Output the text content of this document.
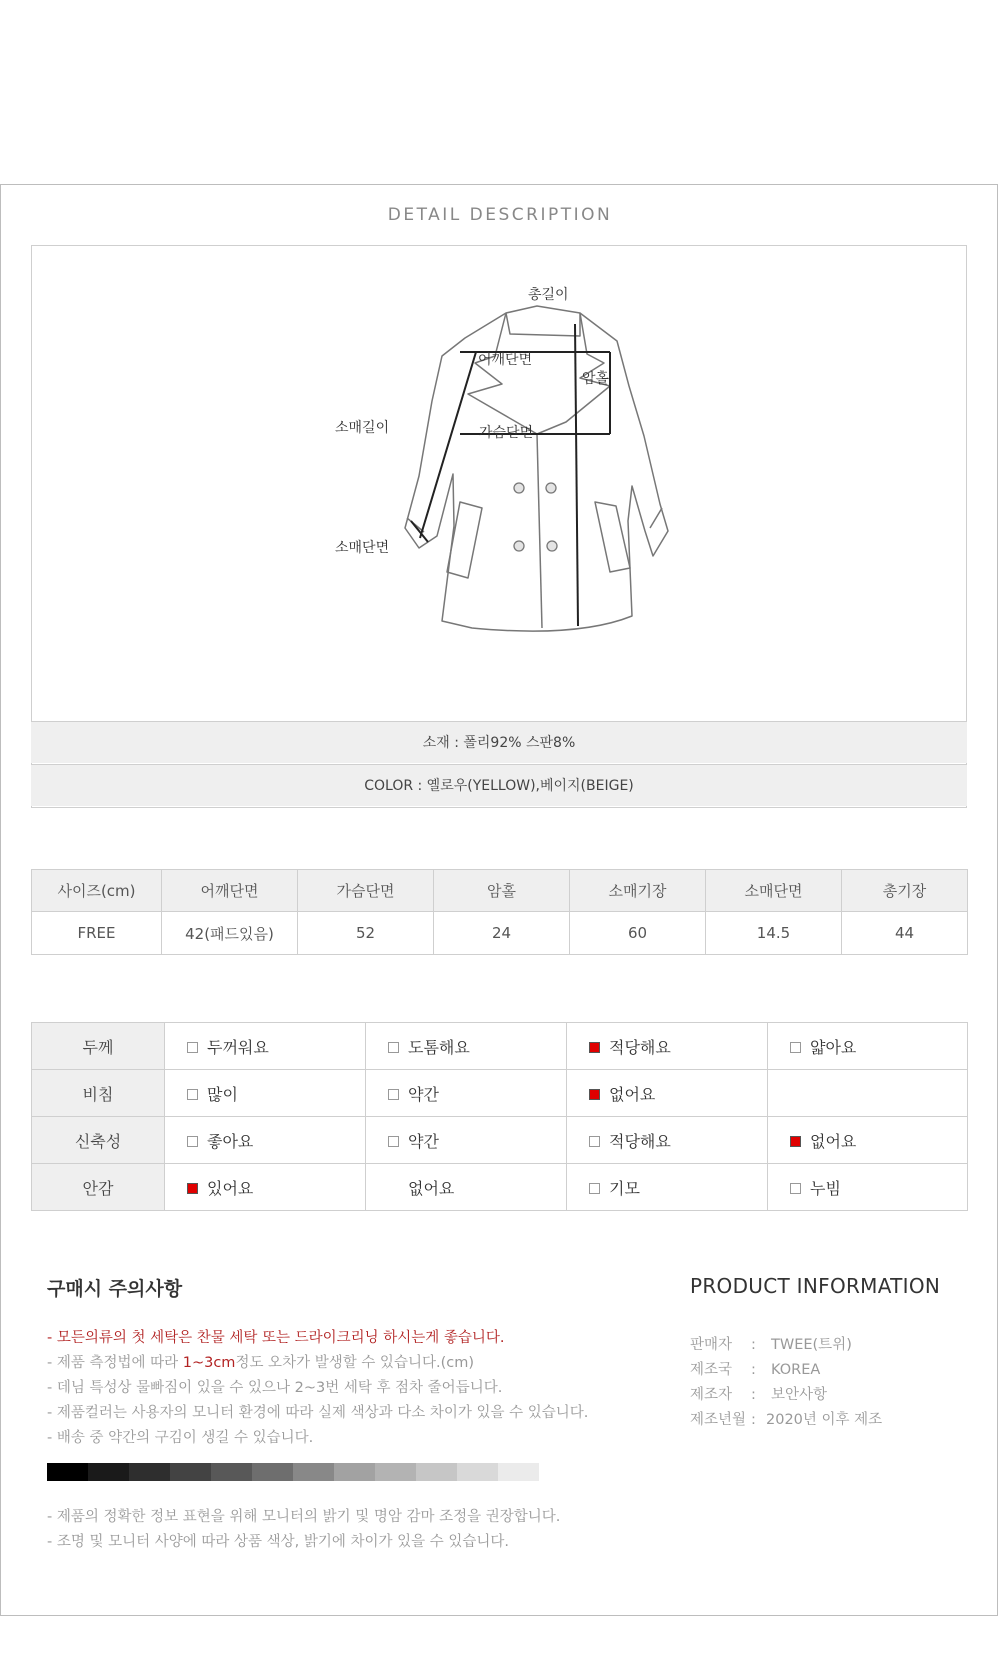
DETAIL DESCRIPTION
총길이
어깨단면
암홀
소매길이	가슴단면
소매단면
소재 : 폴리92% 스판8%
COLOR : 옐로우(YELLOW),베이지(BEIGE)
사이즈(cm)	어깨단면	가슴단면	암홀	소매기장	소매단면	총기장
FREE	42(패드있음)	52	24	60	14.5	44
두께	두꺼워요	도톰해요	적당해요	얇아요
비침	많이	약간	없어요	
신축성	좋아요	약간	적당해요	없어요
안감	있어요	없어요	기모	누빔
구매시 주의사항
- 모든의류의 첫 세탁은 찬물 세탁 또는 드라이크리닝 하시는게 좋습니다.
- 제품 측정법에 따라 1~3cm정도 오차가 발생할 수 있습니다.(cm)
- 데님 특성상 물빠짐이 있을 수 있으나 2~3번 세탁 후 점차 줄어듭니다.
- 제품컬러는 사용자의 모니터 환경에 따라 실제 색상과 다소 차이가 있을 수 있습니다.
- 배송 중 약간의 구김이 생길 수 있습니다.
- 제품의 정확한 정보 표현을 위해 모니터의 밝기 및 명암 감마 조정을 권장합니다.
- 조명 및 모니터 사양에 따라 상품 색상, 밝기에 차이가 있을 수 있습니다.
PRODUCT INFORMATION
판매자 : TWEE(트위)
제조국 : KOREA
제조자 : 보안사항
제조년월 : 2020년 이후 제조
